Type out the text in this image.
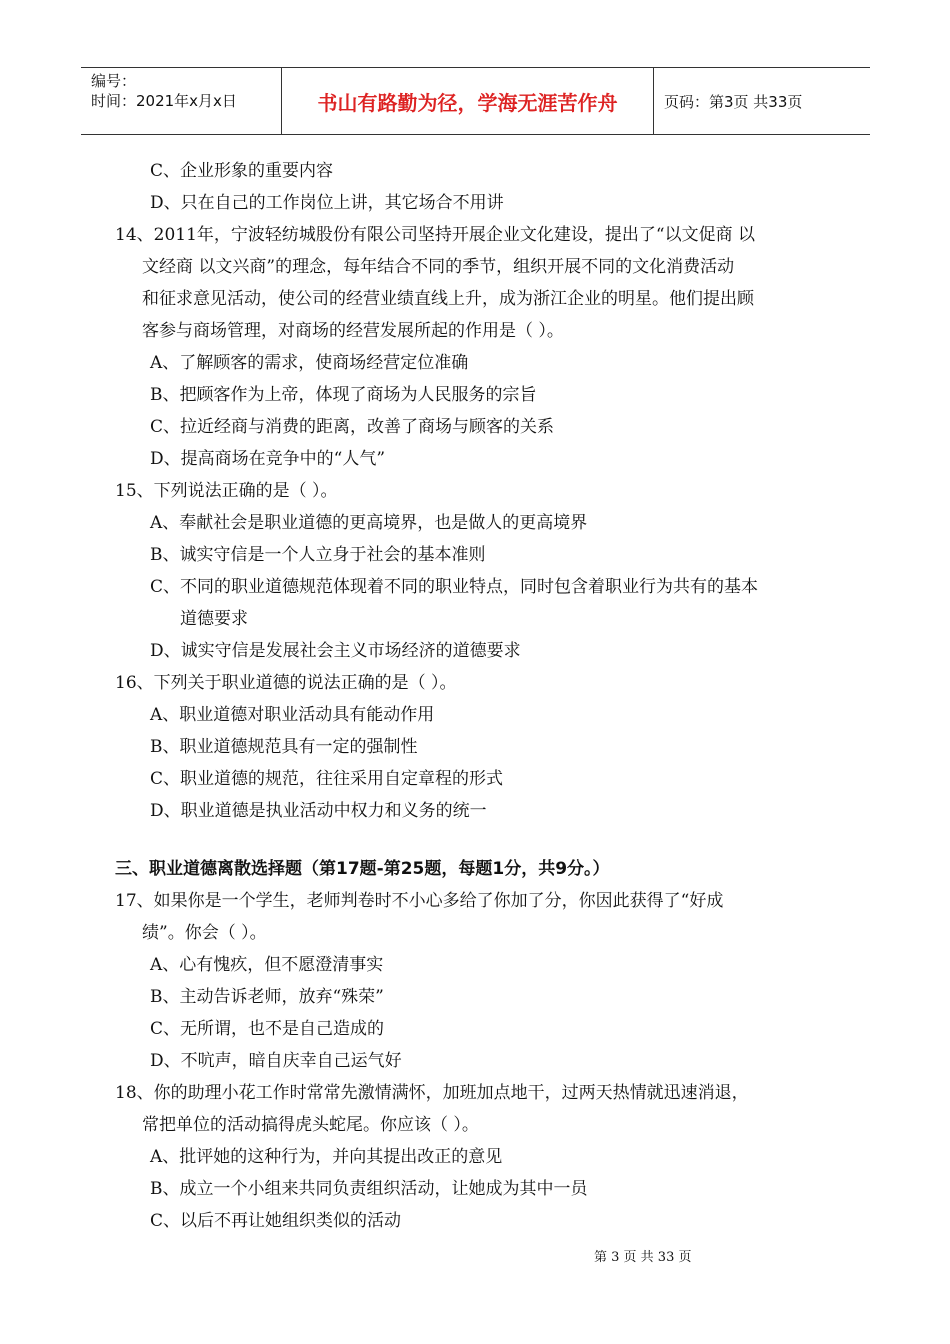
编号：
时间：2021年x月x日	书山有路勤为径，学海无涯苦作舟	页码：第3页 共33页
C、企业形象的重要内容
D、只在自己的工作岗位上讲，其它场合不用讲
14、2011年，宁波轻纺城股份有限公司坚持开展企业文化建设，提出了“以文促商 以
文经商 以文兴商”的理念，每年结合不同的季节，组织开展不同的文化消费活动
和征求意见活动，使公司的经营业绩直线上升，成为浙江企业的明星。他们提出顾
客参与商场管理，对商场的经营发展所起的作用是（ ）。
A、了解顾客的需求，使商场经营定位准确
B、把顾客作为上帝，体现了商场为人民服务的宗旨
C、拉近经商与消费的距离，改善了商场与顾客的关系
D、提高商场在竞争中的“人气”
15、下列说法正确的是（ ）。
A、奉献社会是职业道德的更高境界，也是做人的更高境界
B、诚实守信是一个人立身于社会的基本准则
C、不同的职业道德规范体现着不同的职业特点，同时包含着职业行为共有的基本
道德要求
D、诚实守信是发展社会主义市场经济的道德要求
16、下列关于职业道德的说法正确的是（ ）。
A、职业道德对职业活动具有能动作用
B、职业道德规范具有一定的强制性
C、职业道德的规范，往往采用自定章程的形式
D、职业道德是执业活动中权力和义务的统一
三、职业道德离散选择题（第17题-第25题，每题1分，共9分。）
17、如果你是一个学生，老师判卷时不小心多给了你加了分，你因此获得了“好成
绩”。你会（ ）。
A、心有愧疚，但不愿澄清事实
B、主动告诉老师，放弃“殊荣”
C、无所谓，也不是自己造成的
D、不吭声，暗自庆幸自己运气好
18、你的助理小花工作时常常先激情满怀，加班加点地干，过两天热情就迅速消退，
常把单位的活动搞得虎头蛇尾。你应该（ ）。
A、批评她的这种行为，并向其提出改正的意见
B、成立一个小组来共同负责组织活动，让她成为其中一员
C、以后不再让她组织类似的活动
第 3 页 共 33 页
